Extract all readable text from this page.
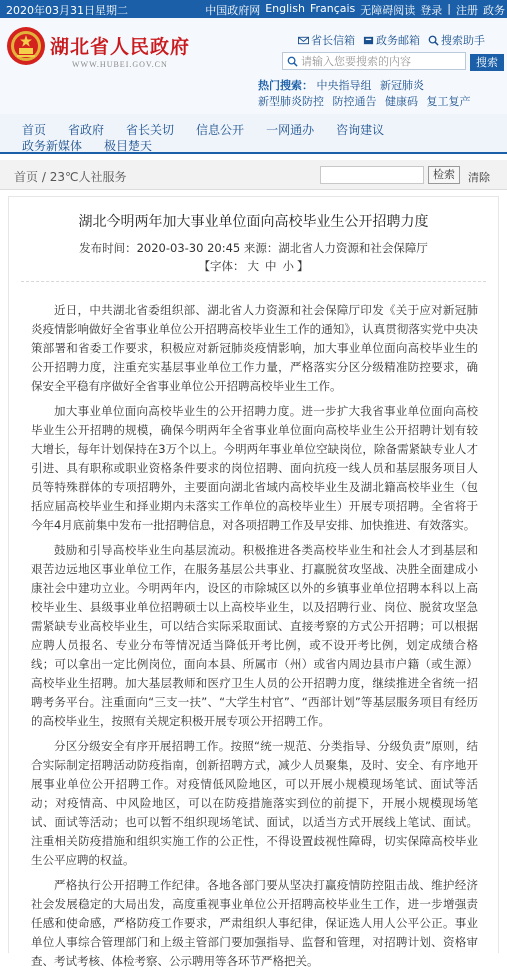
2020年03月31日星期二	中国政府网 English Français 无障碍阅读 登录 | 注册 政务
湖北省人民政府
WWW.HUBEI.GOV.CN
省长信箱 政务邮箱 搜索助手
请输入您要搜索的内容	搜索
热门搜索： 中央指导组 新冠肺炎
新型肺炎防控 防控通告 健康码 复工复产
首页 省政府 省长关切 信息公开 一网通办 咨询建议
政务新媒体 极目楚天
首页 / 23℃人社服务	检索	清除
湖北今明两年加大事业单位面向高校毕业生公开招聘力度
发布时间：2020-03-30 20:45 来源：湖北省人力资源和社会保障厅
【字体： 大 中 小 】

近日，中共湖北省委组织部、湖北省人力资源和社会保障厅印发《关于应对新冠肺炎疫情影响做好全省事业单位公开招聘高校毕业生工作的通知》，认真贯彻落实党中央决策部署和省委工作要求，积极应对新冠肺炎疫情影响，加大事业单位面向高校毕业生的公开招聘力度，注重充实基层事业单位工作力量，严格落实分区分级精准防控要求，确保安全平稳有序做好全省事业单位公开招聘高校毕业生工作。

加大事业单位面向高校毕业生的公开招聘力度。进一步扩大我省事业单位面向高校毕业生公开招聘的规模，确保今明两年全省事业单位面向高校毕业生公开招聘计划有较大增长，每年计划保持在3万个以上。今明两年事业单位空缺岗位，除备需紧缺专业人才引进、具有职称或职业资格条件要求的岗位招聘、面向抗疫一线人员和基层服务项目人员等特殊群体的专项招聘外，主要面向湖北省域内高校毕业生及湖北籍高校毕业生（包括应届高校毕业生和择业期内未落实工作单位的高校毕业生）开展专项招聘。全省将于今年4月底前集中发布一批招聘信息，对各项招聘工作及早安排、加快推进、有效落实。

鼓励和引导高校毕业生向基层流动。积极推进各类高校毕业生和社会人才到基层和艰苦边远地区事业单位工作，在服务基层公共事业、打赢脱贫攻坚战、决胜全面建成小康社会中建功立业。今明两年内，设区的市除城区以外的乡镇事业单位招聘本科以上高校毕业生、县级事业单位招聘硕士以上高校毕业生，以及招聘行业、岗位、脱贫攻坚急需紧缺专业高校毕业生，可以结合实际采取面试、直接考察的方式公开招聘；可以根据应聘人员报名、专业分布等情况适当降低开考比例，或不设开考比例，划定成绩合格线；可以拿出一定比例岗位，面向本县、所属市（州）或省内周边县市户籍（或生源）高校毕业生招聘。加大基层教师和医疗卫生人员的公开招聘力度，继续推进全省统一招聘考务平台。注重面向“三支一扶”、“大学生村官”、“西部计划”等基层服务项目有经历的高校毕业生，按照有关规定积极开展专项公开招聘工作。

分区分级安全有序开展招聘工作。按照“统一规范、分类指导、分级负责”原则，结合实际制定招聘活动防疫指南，创新招聘方式，减少人员聚集，及时、安全、有序地开展事业单位公开招聘工作。对疫情低风险地区，可以开展小规模现场笔试、面试等活动；对疫情高、中风险地区，可以在防疫措施落实到位的前提下，开展小规模现场笔试、面试等活动；也可以暂不组织现场笔试、面试，以适当方式开展线上笔试、面试。注重相关防疫措施和组织实施工作的公正性，不得设置歧视性障碍，切实保障高校毕业生公平应聘的权益。

严格执行公开招聘工作纪律。各地各部门要从坚决打赢疫情防控阻击战、维护经济社会发展稳定的大局出发，高度重视事业单位公开招聘高校毕业生工作，进一步增强责任感和使命感，严格防疫工作要求，严肃组织人事纪律，保证选人用人公平公正。事业单位人事综合管理部门和上级主管部门要加强指导、监督和管理，对招聘计划、资格审查、考试考核、体检考察、公示聘用等各环节严格把关。
